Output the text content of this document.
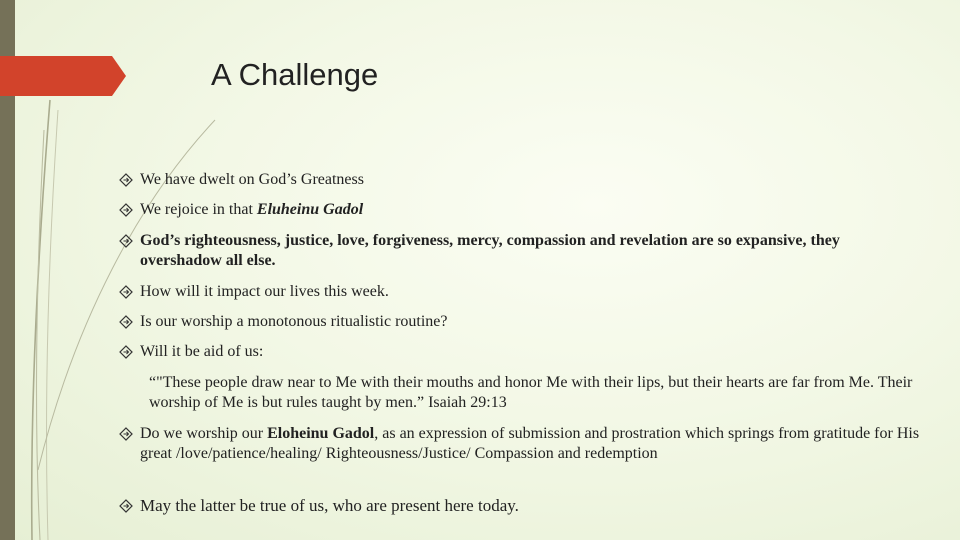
A Challenge
We have dwelt on God’s Greatness
We rejoice in that Eluheinu Gadol
God’s righteousness, justice, love, forgiveness, mercy, compassion and revelation are so expansive, they overshadow all else.
How will it impact our lives this week.
Is our worship a monotonous ritualistic routine?
Will it be aid of us:
“"These people draw near to Me with their mouths and honor Me with their lips, but their hearts are far from Me. Their worship of Me is but rules taught by men.” Isaiah 29:13
Do we worship our Eloheinu Gadol, as an expression of submission and prostration which springs from gratitude for His great /love/patience/healing/ Righteousness/Justice/ Compassion and redemption
May the latter be true of us, who are present here today.
